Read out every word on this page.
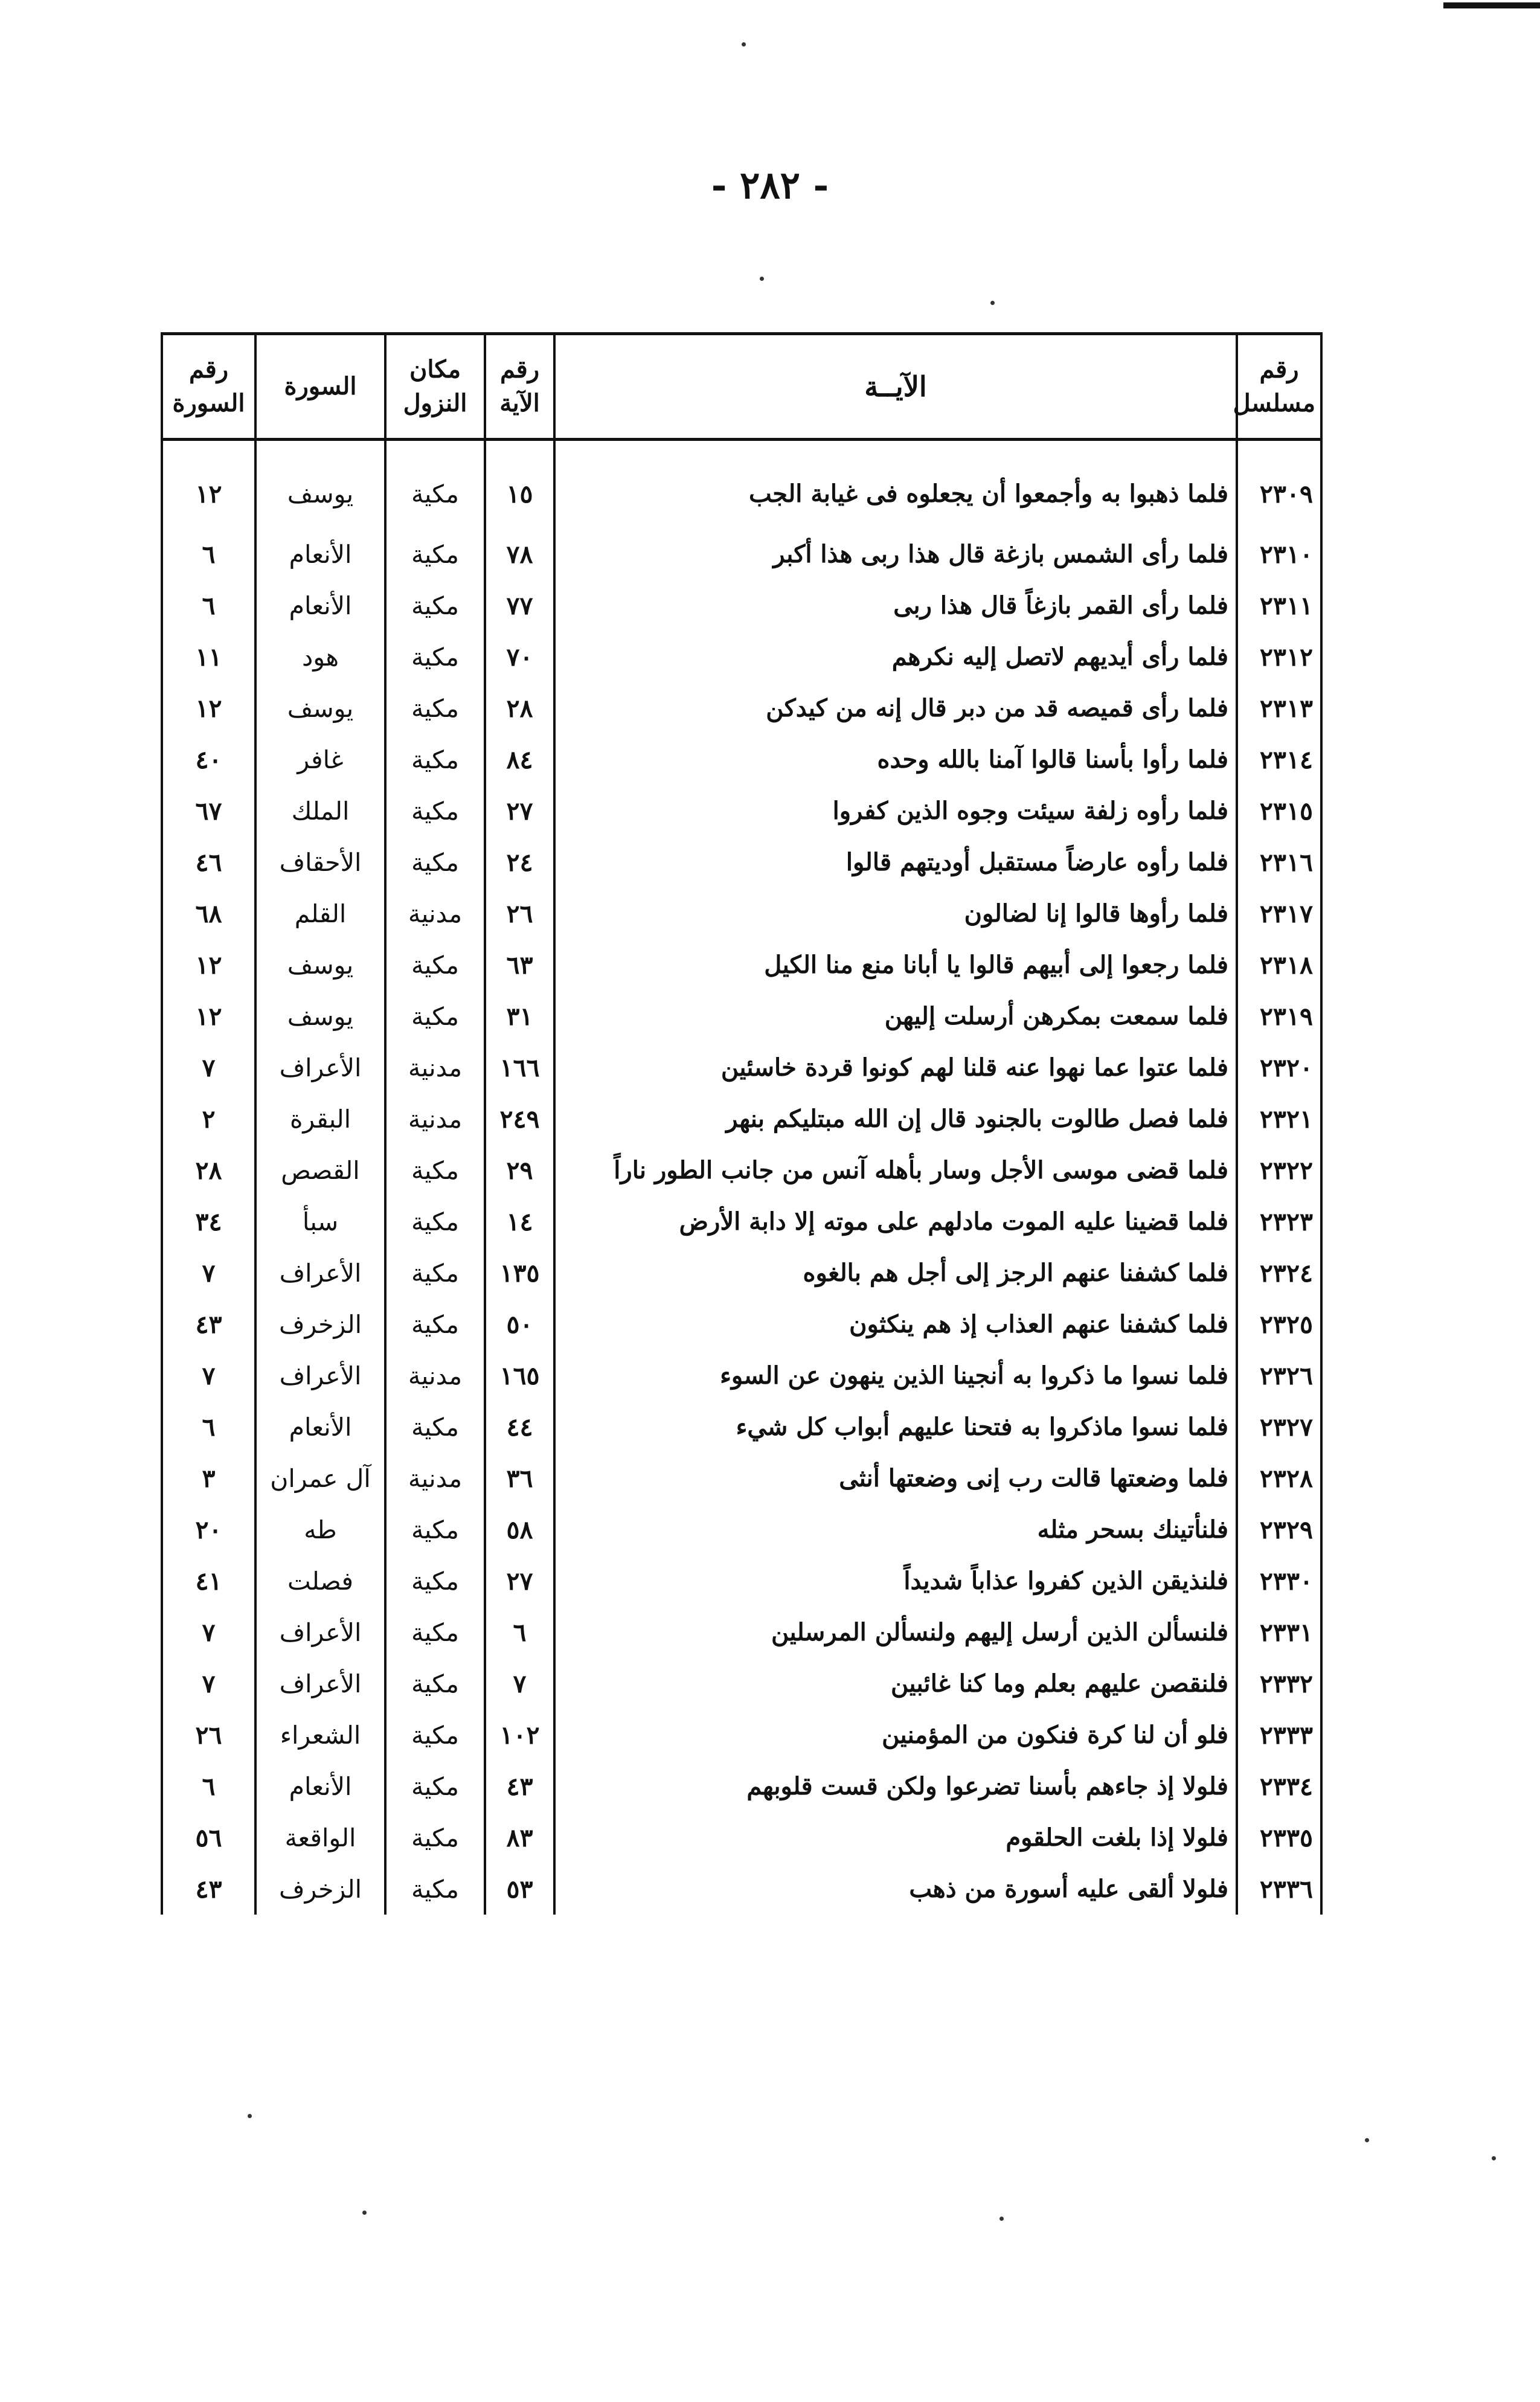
- ٢٨٢ -
رقم مسلسل	الآيــة	رقم الآية	مكان النزول	السورة	رقم السورة
٢٣٠٩	فلما ذهبوا به وأجمعوا أن يجعلوه فى غيابة الجب	١٥	مكية	يوسف	١٢
٢٣١٠	فلما رأى الشمس بازغة قال هذا ربى هذا أكبر	٧٨	مكية	الأنعام	٦
٢٣١١	فلما رأى القمر بازغاً قال هذا ربى	٧٧	مكية	الأنعام	٦
٢٣١٢	فلما رأى أيديهم لاتصل إليه نكرهم	٧٠	مكية	هود	١١
٢٣١٣	فلما رأى قميصه قد من دبر قال إنه من كيدكن	٢٨	مكية	يوسف	١٢
٢٣١٤	فلما رأوا بأسنا قالوا آمنا بالله وحده	٨٤	مكية	غافر	٤٠
٢٣١٥	فلما رأوه زلفة سيئت وجوه الذين كفروا	٢٧	مكية	الملك	٦٧
٢٣١٦	فلما رأوه عارضاً مستقبل أوديتهم قالوا	٢٤	مكية	الأحقاف	٤٦
٢٣١٧	فلما رأوها قالوا إنا لضالون	٢٦	مدنية	القلم	٦٨
٢٣١٨	فلما رجعوا إلى أبيهم قالوا يا أبانا منع منا الكيل	٦٣	مكية	يوسف	١٢
٢٣١٩	فلما سمعت بمكرهن أرسلت إليهن	٣١	مكية	يوسف	١٢
٢٣٢٠	فلما عتوا عما نهوا عنه قلنا لهم كونوا قردة خاسئين	١٦٦	مدنية	الأعراف	٧
٢٣٢١	فلما فصل طالوت بالجنود قال إن الله مبتليكم بنهر	٢٤٩	مدنية	البقرة	٢
٢٣٢٢	فلما قضى موسى الأجل وسار بأهله آنس من جانب الطور ناراً	٢٩	مكية	القصص	٢٨
٢٣٢٣	فلما قضينا عليه الموت مادلهم على موته إلا دابة الأرض	١٤	مكية	سبأ	٣٤
٢٣٢٤	فلما كشفنا عنهم الرجز إلى أجل هم بالغوه	١٣٥	مكية	الأعراف	٧
٢٣٢٥	فلما كشفنا عنهم العذاب إذ هم ينكثون	٥٠	مكية	الزخرف	٤٣
٢٣٢٦	فلما نسوا ما ذكروا به أنجينا الذين ينهون عن السوء	١٦٥	مدنية	الأعراف	٧
٢٣٢٧	فلما نسوا ماذكروا به فتحنا عليهم أبواب كل شيء	٤٤	مكية	الأنعام	٦
٢٣٢٨	فلما وضعتها قالت رب إنى وضعتها أنثى	٣٦	مدنية	آل عمران	٣
٢٣٢٩	فلنأتينك بسحر مثله	٥٨	مكية	طه	٢٠
٢٣٣٠	فلنذيقن الذين كفروا عذاباً شديداً	٢٧	مكية	فصلت	٤١
٢٣٣١	فلنسألن الذين أرسل إليهم ولنسألن المرسلين	٦	مكية	الأعراف	٧
٢٣٣٢	فلنقصن عليهم بعلم وما كنا غائبين	٧	مكية	الأعراف	٧
٢٣٣٣	فلو أن لنا كرة فنكون من المؤمنين	١٠٢	مكية	الشعراء	٢٦
٢٣٣٤	فلولا إذ جاءهم بأسنا تضرعوا ولكن قست قلوبهم	٤٣	مكية	الأنعام	٦
٢٣٣٥	فلولا إذا بلغت الحلقوم	٨٣	مكية	الواقعة	٥٦
٢٣٣٦	فلولا ألقى عليه أسورة من ذهب	٥٣	مكية	الزخرف	٤٣
